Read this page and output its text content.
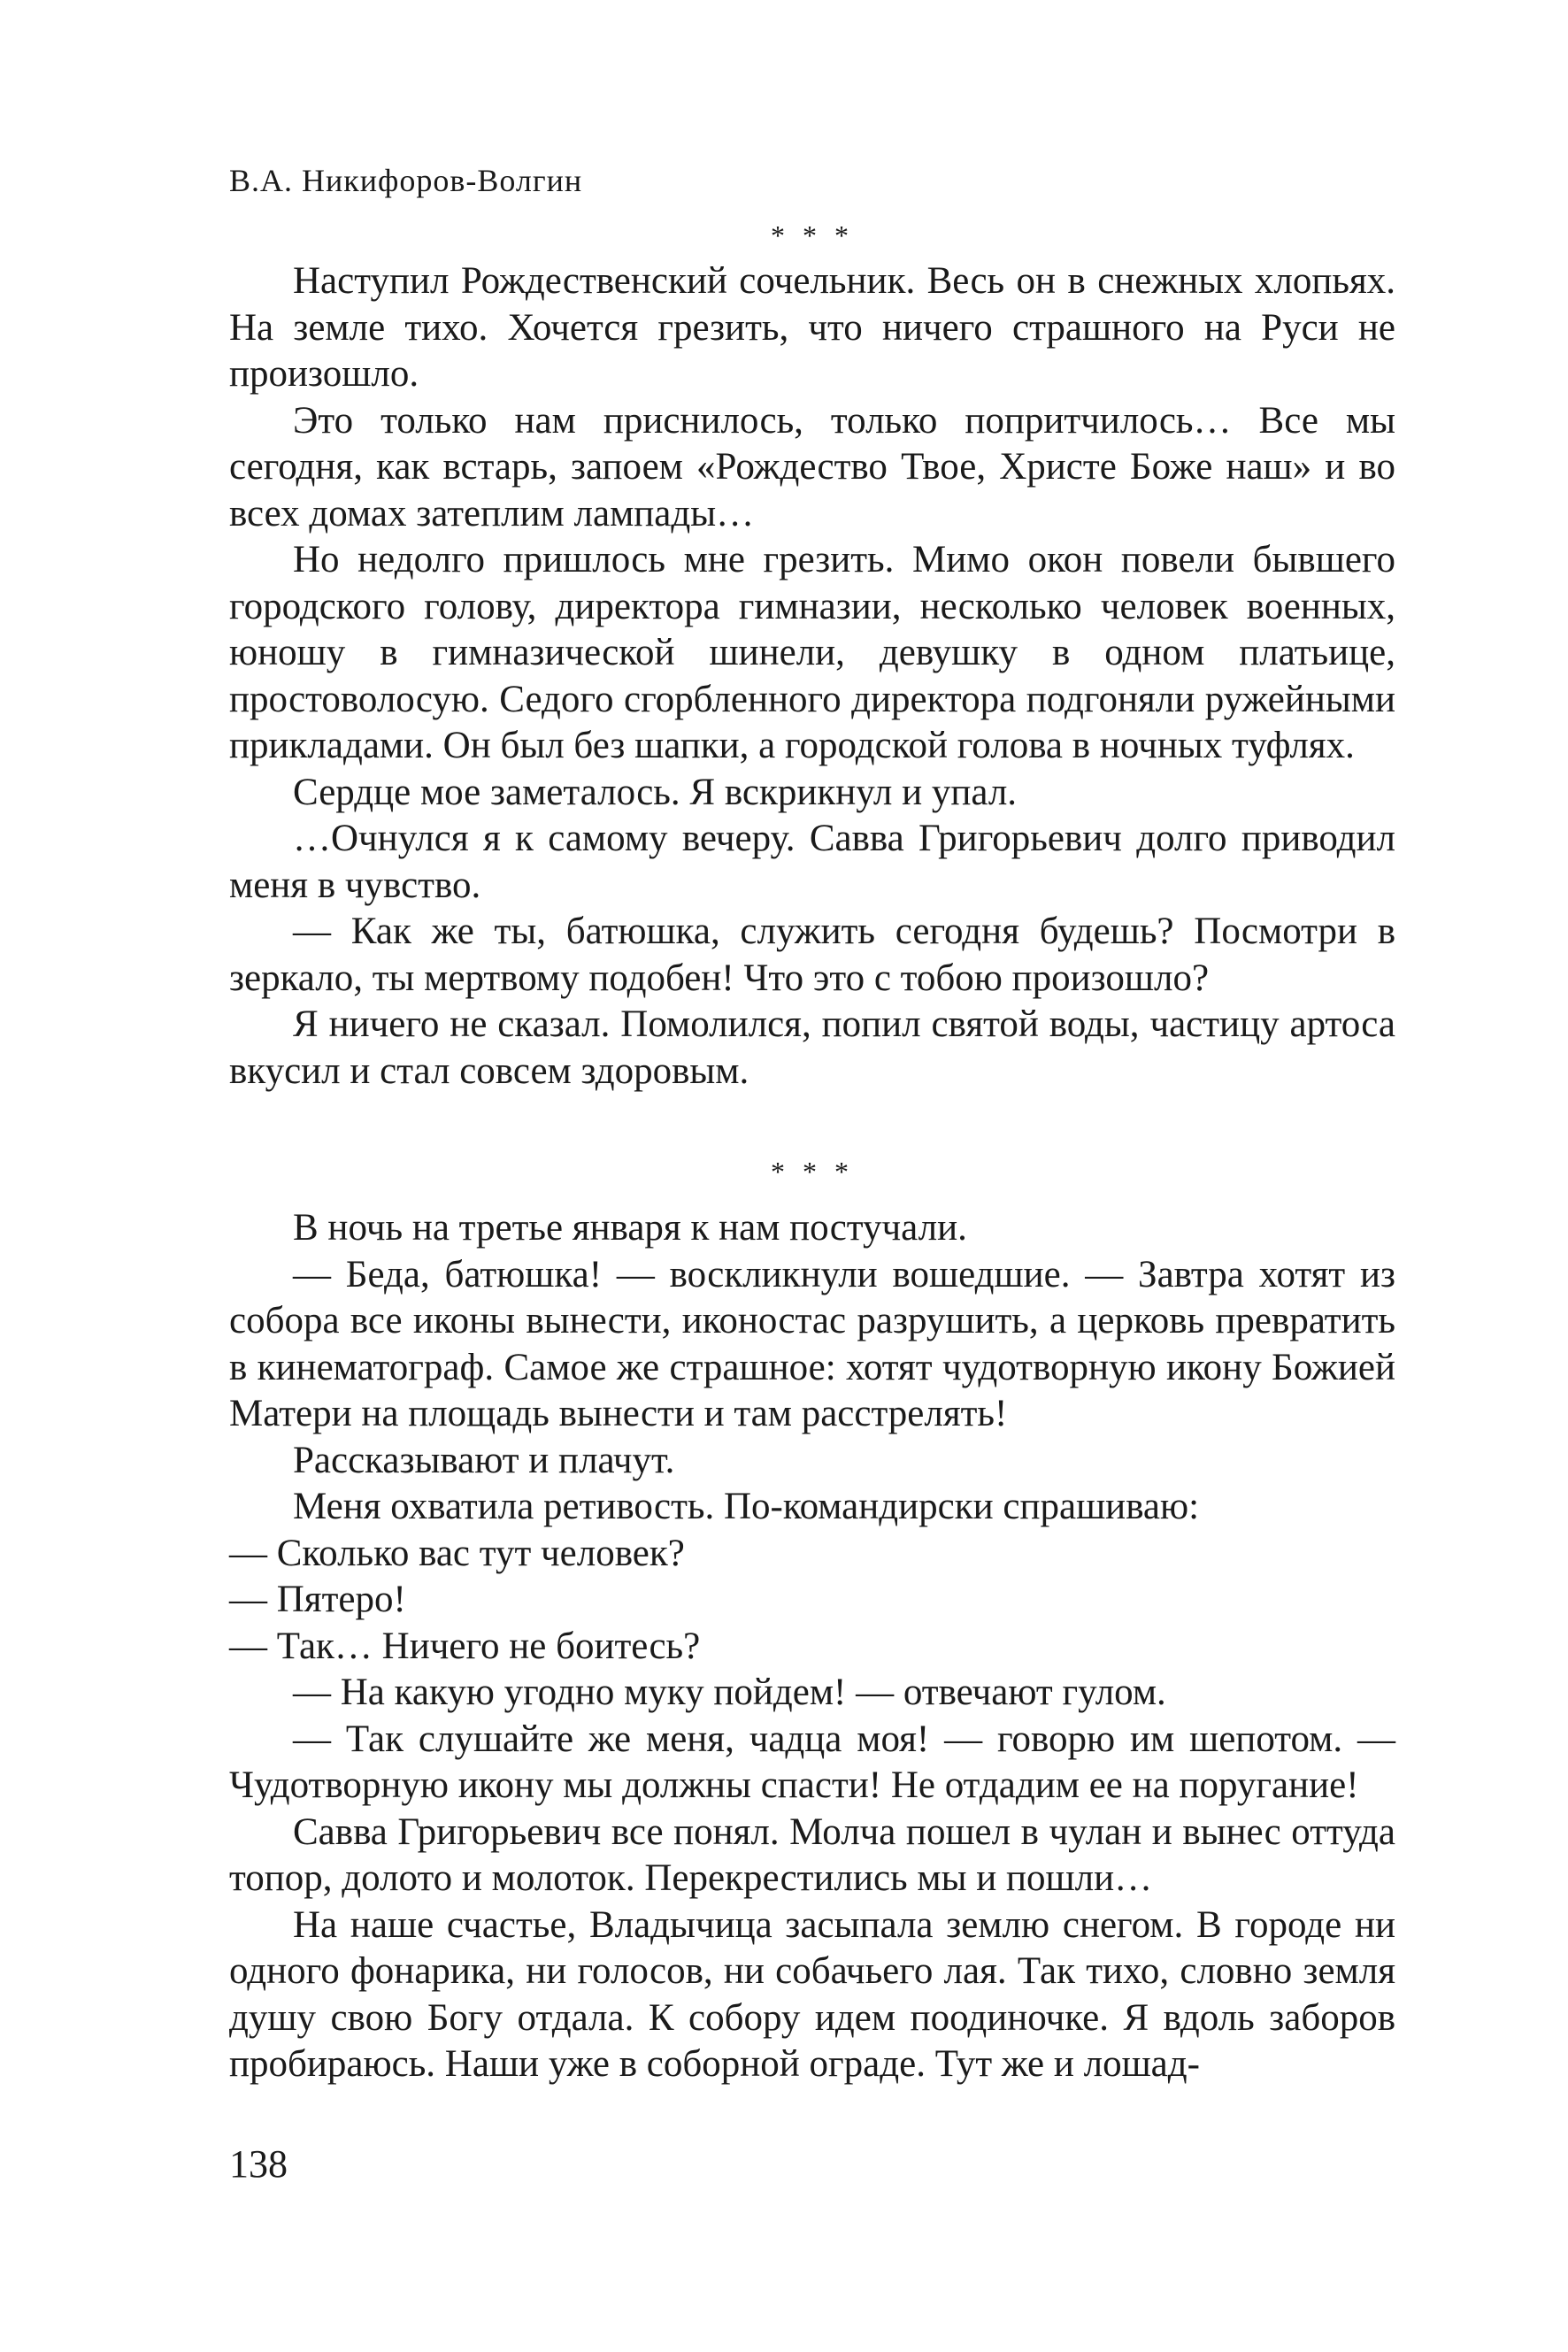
В.А. Никифоров-Волгин
* * *

Наступил Рождественский сочельник. Весь он в снежных хлопьях. На земле тихо. Хочется грезить, что ничего страшного на Руси не произошло.

Это только нам приснилось, только попритчилось… Все мы сегодня, как встарь, запоем «Рождество Твое, Христе Боже наш» и во всех домах затеплим лампады…

Но недолго пришлось мне грезить. Мимо окон повели бывшего городского голову, директора гимназии, несколько человек военных, юношу в гимназической шинели, девушку в одном платьице, простоволосую. Седого сгорбленного директора подгоняли ружейными прикладами. Он был без шапки, а городской голова в ночных туфлях.

Сердце мое заметалось. Я вскрикнул и упал.

…Очнулся я к самому вечеру. Савва Григорьевич долго приводил меня в чувство.

— Как же ты, батюшка, служить сегодня будешь? Посмотри в зеркало, ты мертвому подобен! Что это с тобою произошло?

Я ничего не сказал. Помолился, попил святой воды, частицу артоса вкусил и стал совсем здоровым.

* * *

В ночь на третье января к нам постучали.

— Беда, батюшка! — воскликнули вошедшие. — Завтра хотят из собора все иконы вынести, иконостас разрушить, а церковь превратить в кинематограф. Самое же страшное: хотят чудотворную икону Божией Матери на площадь вынести и там расстрелять!

Рассказывают и плачут.

Меня охватила ретивость. По-командирски спрашиваю:

— Сколько вас тут человек?

— Пятеро!

— Так… Ничего не боитесь?

— На какую угодно муку пойдем! — отвечают гулом.

— Так слушайте же меня, чадца моя! — говорю им шепотом. — Чудотворную икону мы должны спасти! Не отдадим ее на поругание!

Савва Григорьевич все понял. Молча пошел в чулан и вынес оттуда топор, долото и молоток. Перекрестились мы и пошли…

На наше счастье, Владычица засыпала землю снегом. В городе ни одного фонарика, ни голосов, ни собачьего лая. Так тихо, словно земля душу свою Богу отдала. К собору идем поодиночке. Я вдоль заборов пробираюсь. Наши уже в соборной ограде. Тут же и лошад-

138
